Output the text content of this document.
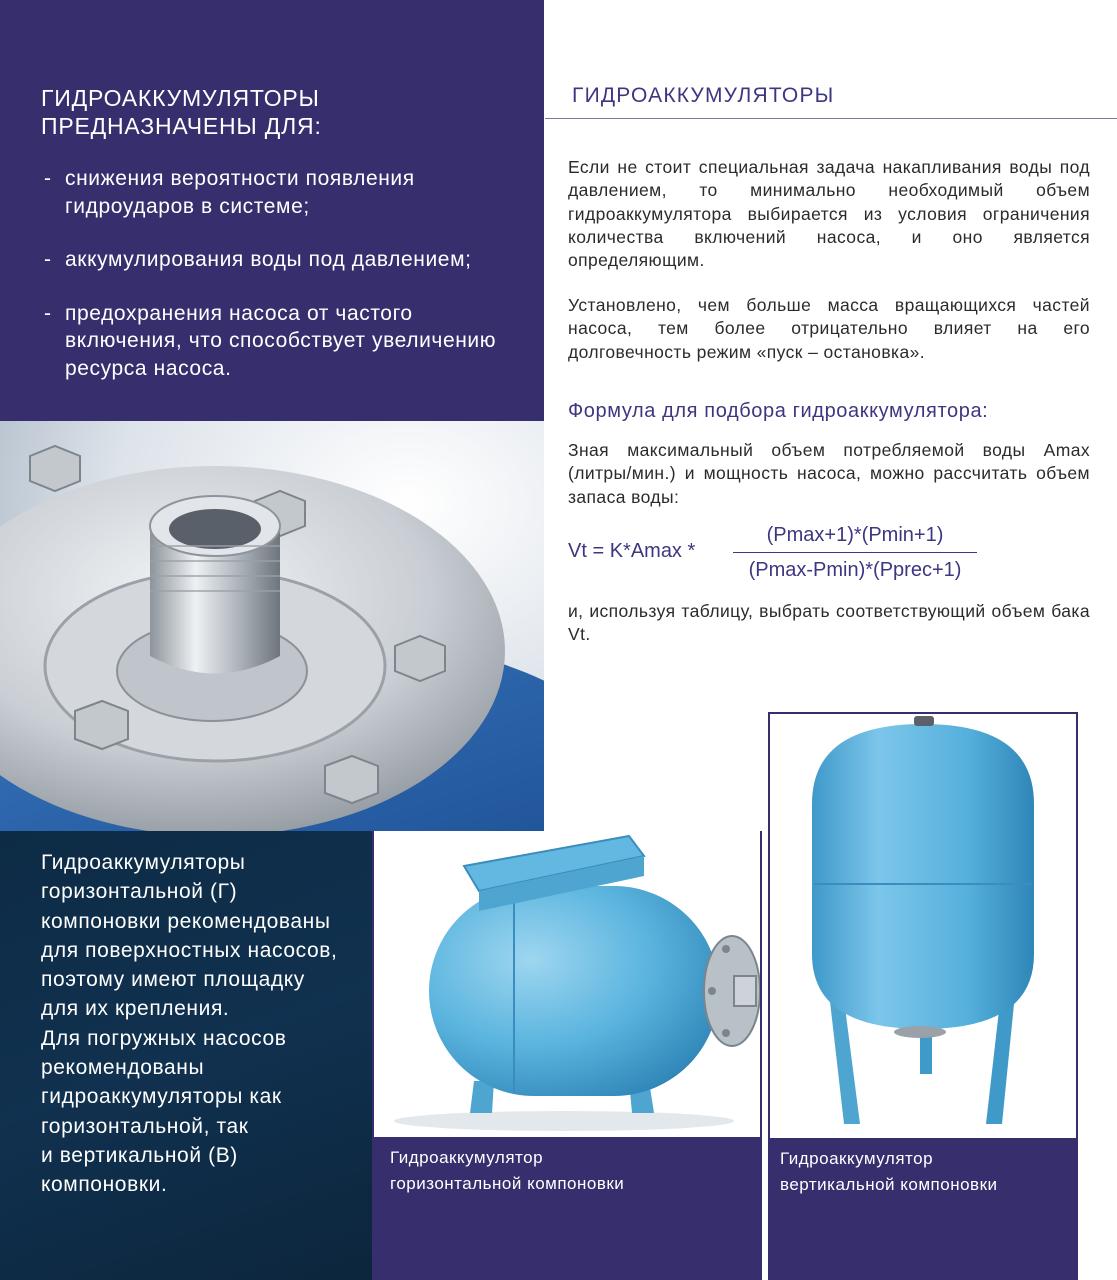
ГИДРОАККУМУЛЯТОРЫ
ПРЕДНАЗНАЧЕНЫ ДЛЯ:
- снижения вероятности появления гидроударов в системе;
- аккумулирования воды под давлением;
- предохранения насоса от частого включения, что способствует увеличению ресурса насоса.
Гидроаккумуляторы
горизонтальной (Г)
компоновки рекомендованы
для поверхностных насосов,
поэтому имеют площадку
для их крепления.
Для погружных насосов
рекомендованы
гидроаккумуляторы как
горизонтальной, так
и вертикальной (В)
компоновки.
ГИДРОАККУМУЛЯТОРЫ
Если не стоит специальная задача накапливания воды под давлением, то минимально необходимый объем гидроаккумулятора выбирается из условия ограничения количества включений насоса, и оно является определяющим.
Установлено, чем больше масса вращающихся частей насоса, тем более отрицательно влияет на его долговечность режим «пуск – остановка».
Формула для подбора гидроаккумулятора:
Зная максимальный объем потребляемой воды Amax (литры/мин.) и мощность насоса, можно рассчитать объем запаса воды:
Vt = K*Amax *
(Pmax+1)*(Pmin+1)
(Pmax-Pmin)*(Pprec+1)
и, используя таблицу, выбрать соответствующий объем бака Vt.
Гидроаккумулятор
горизонтальной компоновки
Гидроаккумулятор
вертикальной компоновки
